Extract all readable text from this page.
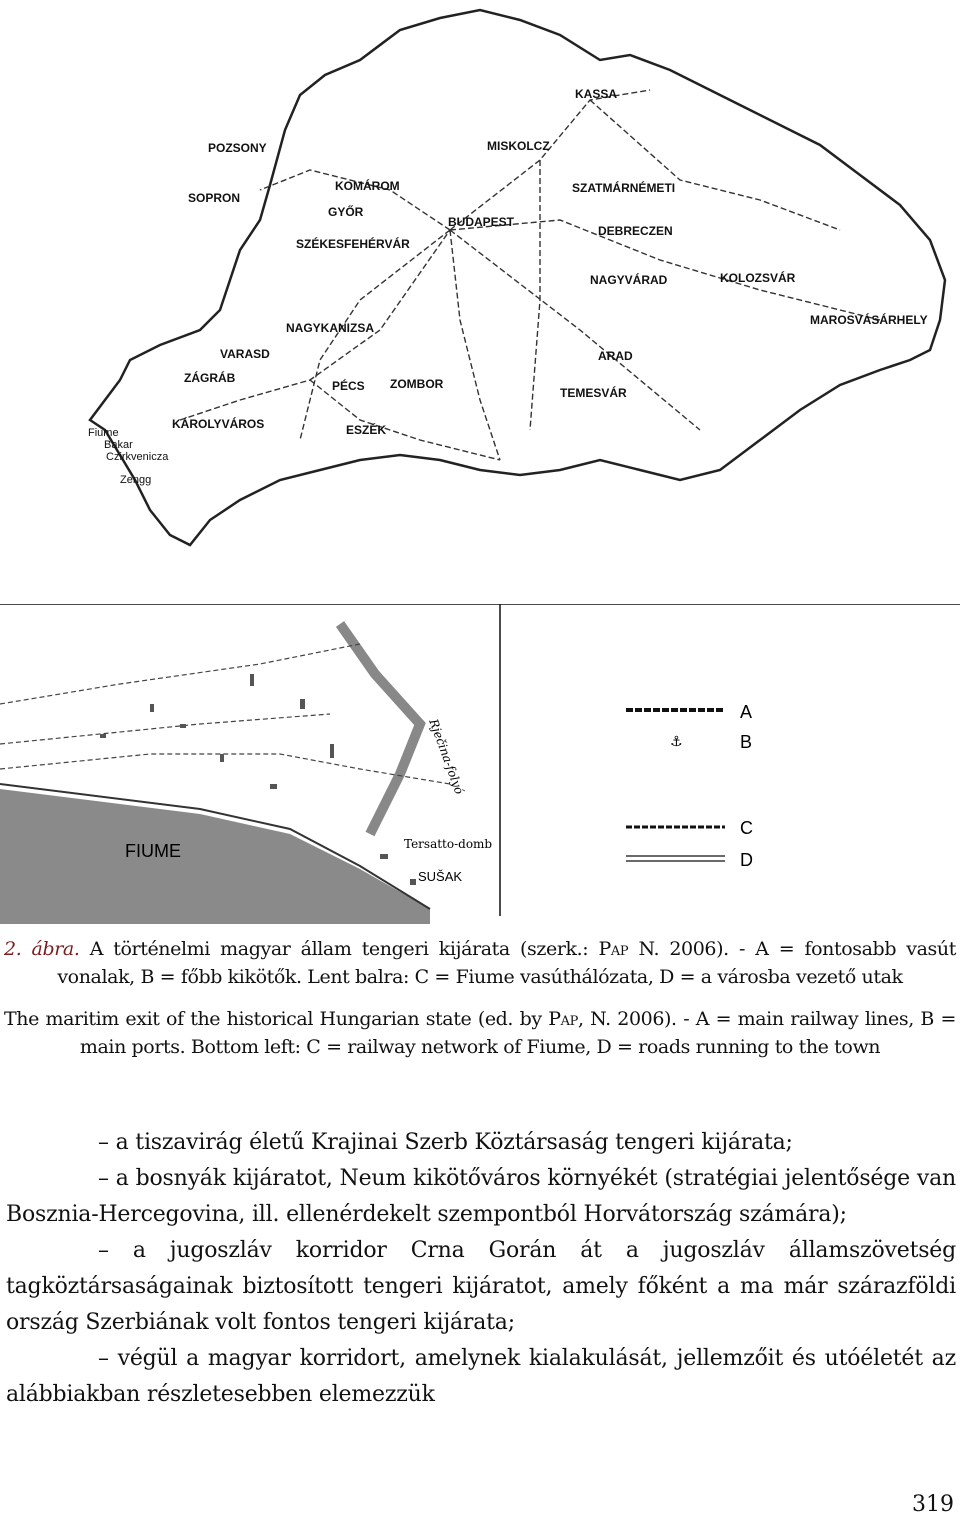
KASSA
POZSONY	MISKOLCZ
KOMÁROM
SOPRON
GYŐR
SZATMÁRNÉMETI
BUDAPEST
DEBRECZEN
SZÉKESFEHÉRVÁR
NAGYVÁRAD	KOLOZSVÁR
MAROSVÁSÁRHELY
NAGYKANIZSA
VARASD	ARAD
ZÁGRÁB
PÉCS ZOMBOR
TEMESVÁR
KÁROLYVÁROS	ESZÉK
Fiume
Bakar
Czirkvenicza
Zengg
FIUME
Rječina-folyó
Tersatto-domb
SUŠAK
A
⚓	B
C
D
2. ábra. A történelmi magyar állam tengeri kijárata (szerk.: Pap N. 2006). - A = fontosabb vasút vonalak, B = főbb kikötők. Lent balra: C = Fiume vasúthálózata, D = a városba vezető utak
The maritim exit of the historical Hungarian state (ed. by Pap, N. 2006). - A = main railway lines, B = main ports. Bottom left: C = railway network of Fiume, D = roads running to the town

– a tiszavirág életű Krajinai Szerb Köztársaság tengeri kijárata;

– a bosnyák kijáratot, Neum kikötőváros környékét (stratégiai jelentősége van Bosznia-Hercegovina, ill. ellenérdekelt szempontból Horvátország számára);

– a jugoszláv korridor Crna Gorán át a jugoszláv államszövetség tagköztársaságainak biztosított tengeri kijáratot, amely főként a ma már szárazföldi ország Szerbiának volt fontos tengeri kijárata;

– végül a magyar korridort, amelynek kialakulását, jellemzőit és utóéletét az alábbiakban részletesebben elemezzük

319
